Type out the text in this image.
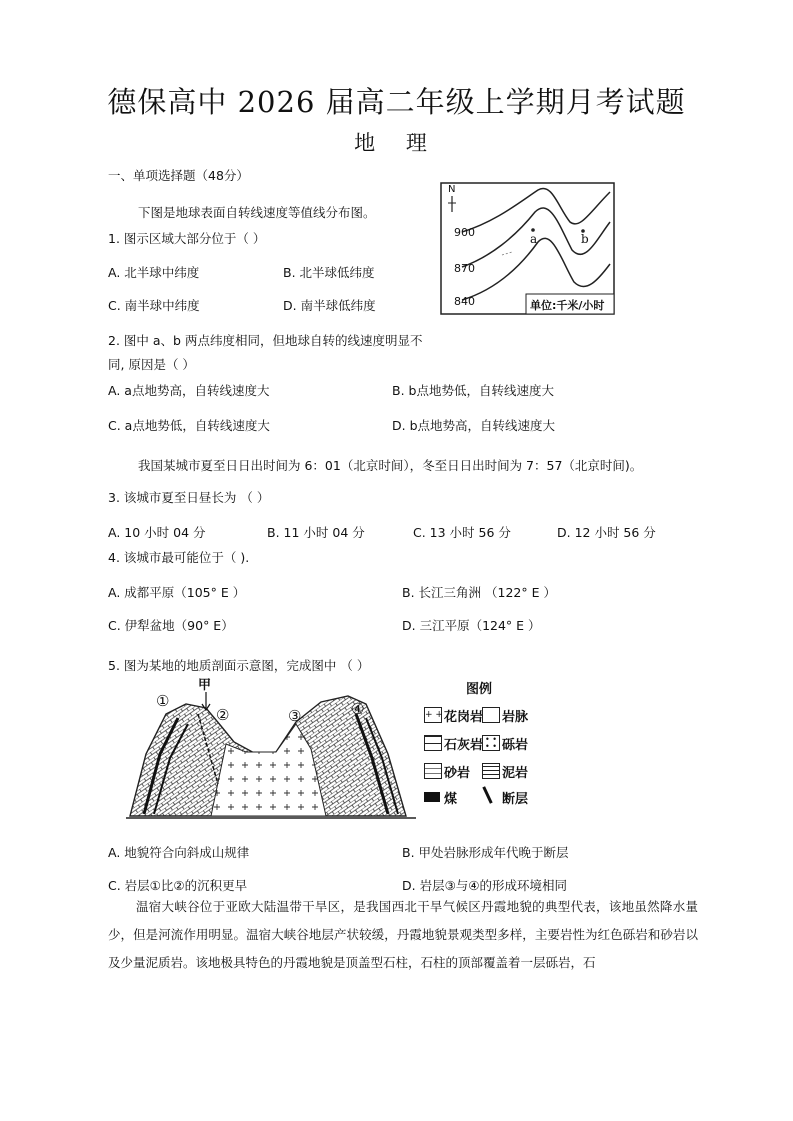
德保高中 2026 届高二年级上学期月考试题
地 理
一、单项选择题（48分）
下图是地球表面自转线速度等值线分布图。
1. 图示区域大部分位于（ ）
A. 北半球中纬度	B. 北半球低纬度
C. 南半球中纬度	D. 南半球低纬度
N
900
870
840
a	b
单位:千米/小时
2. 图中 a、b 两点纬度相同，但地球自转的线速度明显不
同, 原因是（ ）
A. a点地势高，自转线速度大	B. b点地势低，自转线速度大
C. a点地势低，自转线速度大	D. b点地势高，自转线速度大
我国某城市夏至日日出时间为 6：01（北京时间），冬至日日出时间为 7：57（北京时间)。
3. 该城市夏至日昼长为 （ ）
A. 10 小时 04 分	B. 11 小时 04 分	C. 13 小时 56 分	D. 12 小时 56 分
4. 该城市最可能位于（ ).
A. 成都平原（105° E ）	B. 长江三角洲 （122° E ）
C. 伊犁盆地（90° E）	D. 三江平原（124° E ）
5. 图为某地的地质剖面示意图，完成图中 （ ）
①
甲
②	③	④
图例
+ + 花岗岩 岩脉
石灰岩 • •
• • 砾岩
砂岩 泥岩
煤	断层
A. 地貌符合向斜成山规律	B. 甲处岩脉形成年代晚于断层
C. 岩层①比②的沉积更早	D. 岩层③与④的形成环境相同
温宿大峡谷位于亚欧大陆温带干旱区，是我国西北干旱气候区丹霞地貌的典型代表，该地虽然降水量少，但是河流作用明显。温宿大峡谷地层产状较缓，丹霞地貌景观类型多样，主要岩性为红色砾岩和砂岩以及少量泥质岩。该地极具特色的丹霞地貌是顶盖型石柱，石柱的顶部覆盖着一层砾岩，石
